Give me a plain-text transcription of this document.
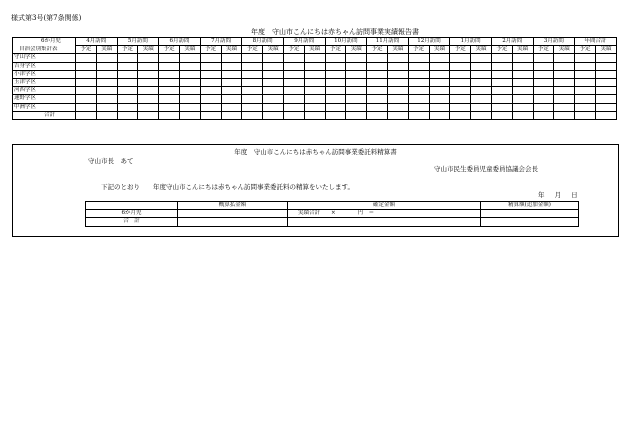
様式第3号(第7条関係)
年度　守山市こんにちは赤ちゃん訪問事業実績報告書
6か月児	4月訪問		5月訪問		6月訪問		7月訪問		8月訪問		9月訪問		10月訪問		11月訪問		12月訪問		1月訪問		2月訪問		3月訪問		年間合計	
自治会別集計表	予定	実績	予定	実績	予定	実績	予定	実績	予定	実績	予定	実績	予定	実績	予定	実績	予定	実績	予定	実績	予定	実績	予定	実績	予定	実績
守山学区																										
吉身学区																										
小津学区																										
玉津学区																										
河西学区																										
速野学区																										
中洲学区																										
合計																										
年度　守山市こんにちは赤ちゃん訪問事業委託料精算書
守山市長　あて
守山市民生委員児童委員協議会会長
下記のとおり　　年度守山市こんにちは赤ちゃん訪問事業委託料の精算をいたします。
年 月 日
	概算払金額	確定金額	精算額(追加金額)
6か月児		実績合計　　×　　　　円　＝	
合　計			
